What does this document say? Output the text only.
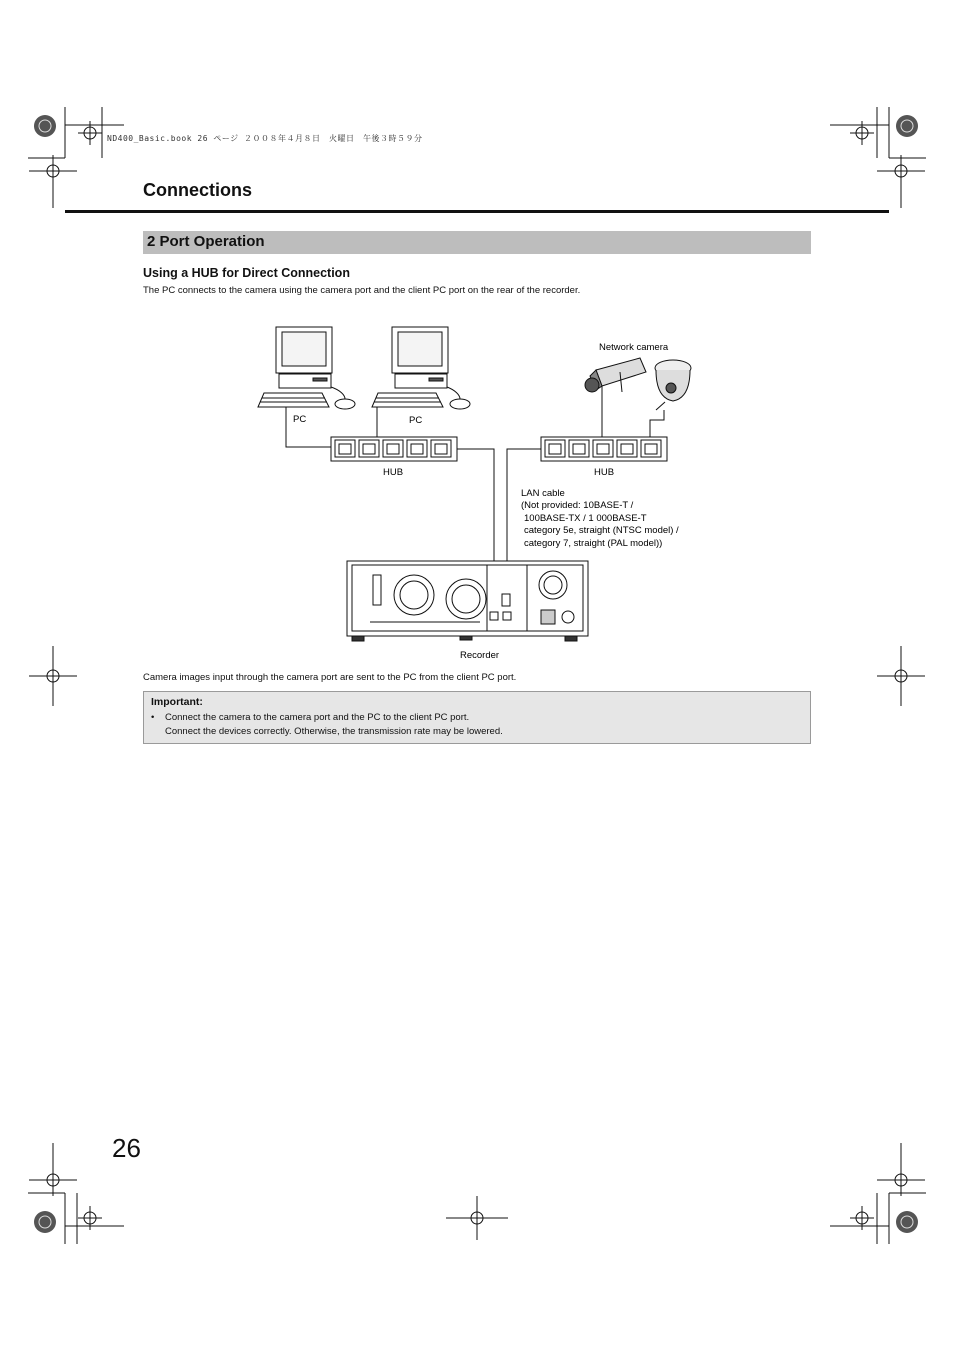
ND400_Basic.book 26 ページ ２００８年４月８日　火曜日　午後３時５９分
Connections
2 Port Operation
Using a HUB for Direct Connection
The PC connects to the camera using the camera port and the client PC port on the rear of the recorder.
PC	PC
Network camera
HUB	HUB
LAN cable
(Not provided: 10BASE-T /
100BASE-TX / 1 000BASE-T
category 5e, straight (NTSC model) /
category 7, straight (PAL model))
Recorder
Camera images input through the camera port are sent to the PC from the client PC port.
Important:
• Connect the camera to the camera port and the PC to the client PC port.
Connect the devices correctly. Otherwise, the transmission rate may be lowered.
26
